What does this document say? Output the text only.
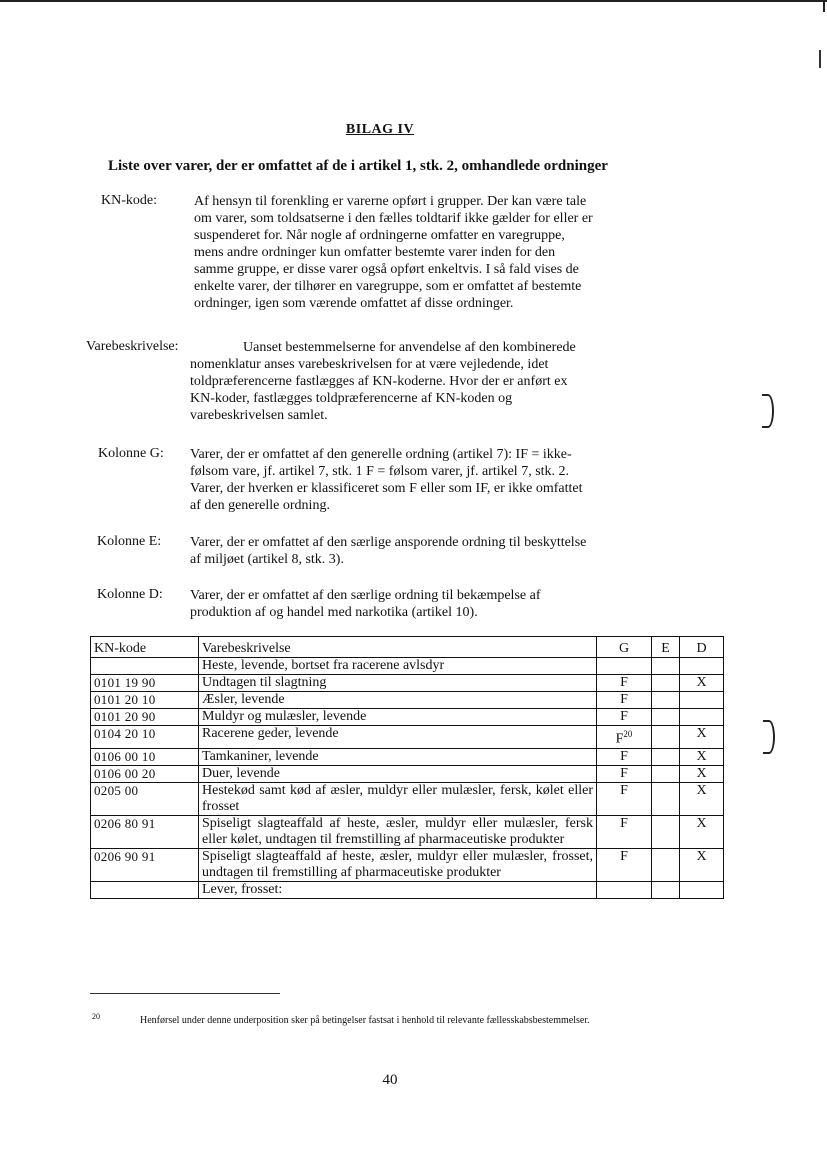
BILAG IV
Liste over varer, der er omfattet af de i artikel 1, stk. 2, omhandlede ordninger
KN-kode:	Af hensyn til forenkling er varerne opført i grupper. Der kan være tale
om varer, som toldsatserne i den fælles toldtarif ikke gælder for eller er
suspenderet for. Når nogle af ordningerne omfatter en varegruppe,
mens andre ordninger kun omfatter bestemte varer inden for den
samme gruppe, er disse varer også opført enkeltvis. I så fald vises de
enkelte varer, der tilhører en varegruppe, som er omfattet af bestemte
ordninger, igen som værende omfattet af disse ordninger.
Varebeskrivelse:	Uanset bestemmelserne for anvendelse af den kombinerede
nomenklatur anses varebeskrivelsen for at være vejledende, idet
toldpræferencerne fastlægges af KN-koderne. Hvor der er anført ex
KN-koder, fastlægges toldpræferencerne af KN-koden og
varebeskrivelsen samlet.
Kolonne G: Varer, der er omfattet af den generelle ordning (artikel 7): IF = ikke-
følsom vare, jf. artikel 7, stk. 1 F = følsom varer, jf. artikel 7, stk. 2.
Varer, der hverken er klassificeret som F eller som IF, er ikke omfattet
af den generelle ordning.
Kolonne E: Varer, der er omfattet af den særlige ansporende ordning til beskyttelse
af miljøet (artikel 8, stk. 3).
Kolonne D: Varer, der er omfattet af den særlige ordning til bekæmpelse af
produktion af og handel med narkotika (artikel 10).
KN-kode	Varebeskrivelse	G	E	D
	Heste, levende, bortset fra racerene avlsdyr			
0101 19 90	Undtagen til slagtning	F		X
0101 20 10	Æsler, levende	F		
0101 20 90	Muldyr og mulæsler, levende	F		
0104 20 10	Racerene geder, levende	$F^{20}$		X
0106 00 10	Tamkaniner, levende	F		X
0106 00 20	Duer, levende	F		X
0205 00	Hestekød samt kød af æsler, muldyr eller mulæsler, fersk, kølet eller frosset	F		X
0206 80 91	Spiseligt slagteaffald af heste, æsler, muldyr eller mulæsler, fersk eller kølet, undtagen til fremstilling af pharmaceutiske produkter	F		X
0206 90 91	Spiseligt slagteaffald af heste, æsler, muldyr eller mulæsler, frosset, undtagen til fremstilling af pharmaceutiske produkter	F		X
	Lever, frosset:			
20	Henførsel under denne underposition sker på betingelser fastsat i henhold til relevante fællesskabsbestemmelser.
40
